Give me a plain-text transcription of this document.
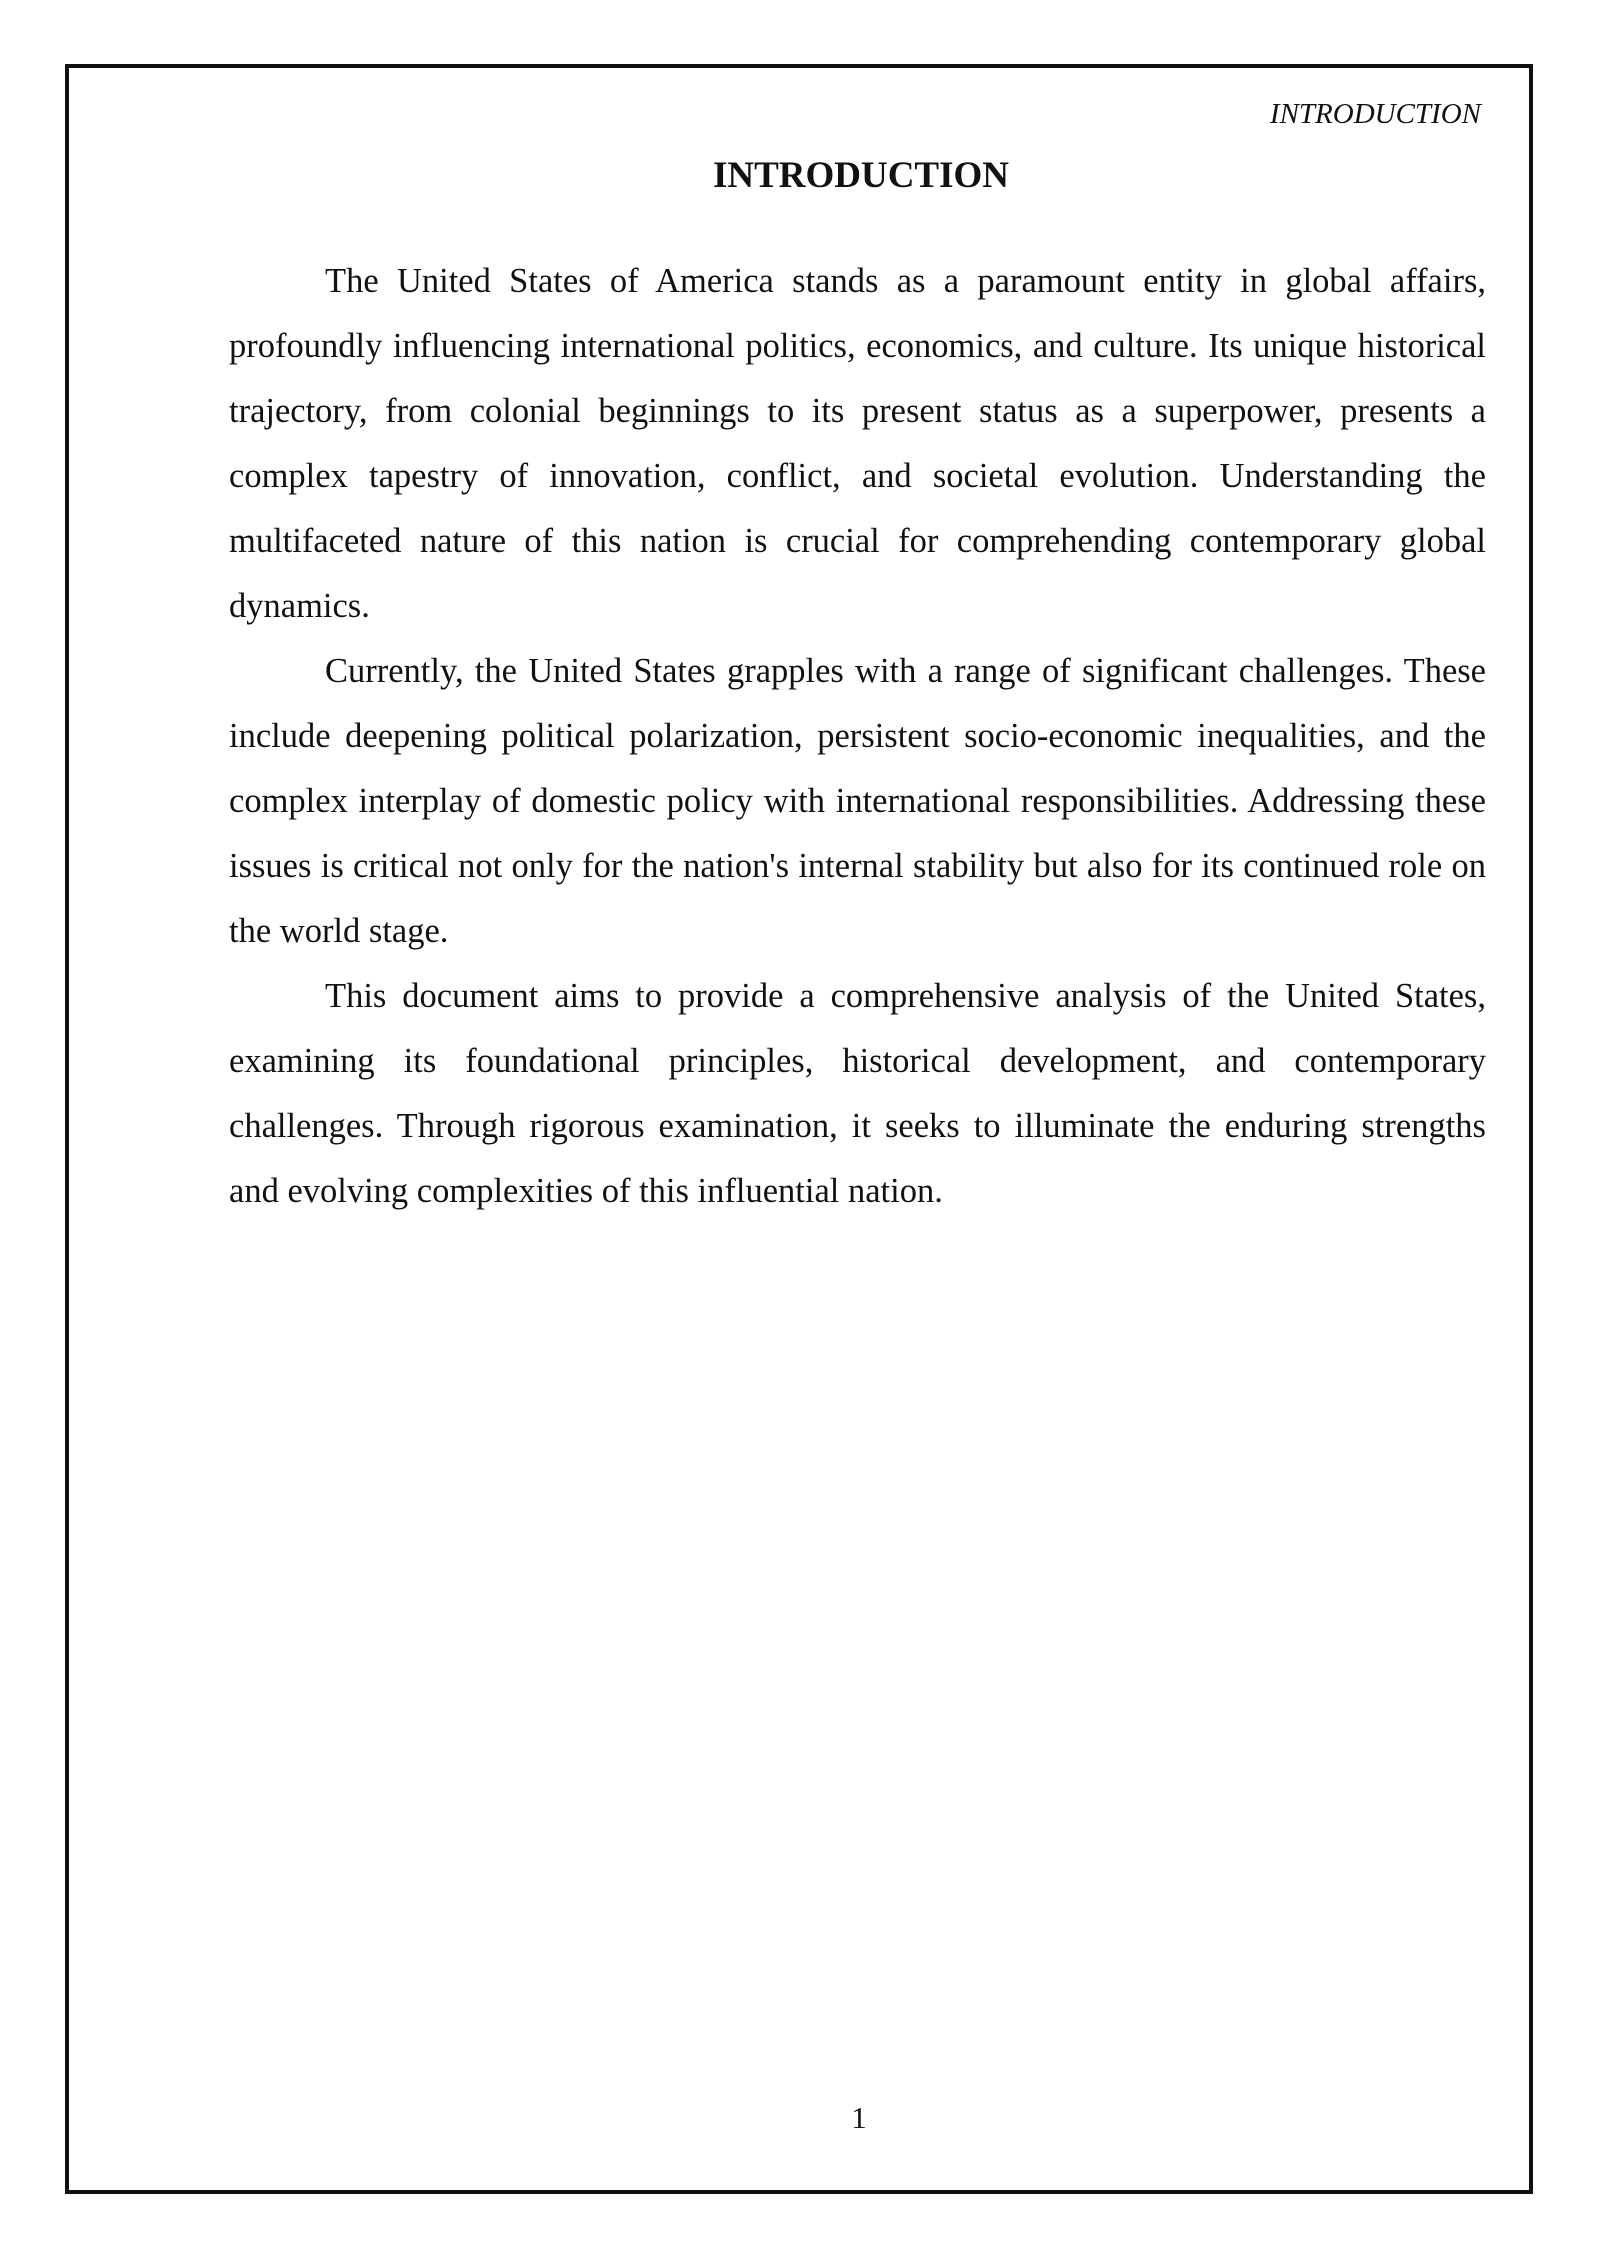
INTRODUCTION
INTRODUCTION

The United States of America stands as a paramount entity in global affairs, profoundly influencing international politics, economics, and culture. Its unique historical trajectory, from colonial beginnings to its present status as a superpower, presents a complex tapestry of innovation, conflict, and societal evolution. Understanding the multifaceted nature of this nation is crucial for comprehending contemporary global dynamics.

Currently, the United States grapples with a range of significant challenges. These include deepening political polarization, persistent socio-economic inequalities, and the complex interplay of domestic policy with international responsibilities. Addressing these issues is critical not only for the nation's internal stability but also for its continued role on the world stage.

This document aims to provide a comprehensive analysis of the United States, examining its foundational principles, historical development, and contemporary challenges. Through rigorous examination, it seeks to illuminate the enduring strengths and evolving complexities of this influential nation.

1
